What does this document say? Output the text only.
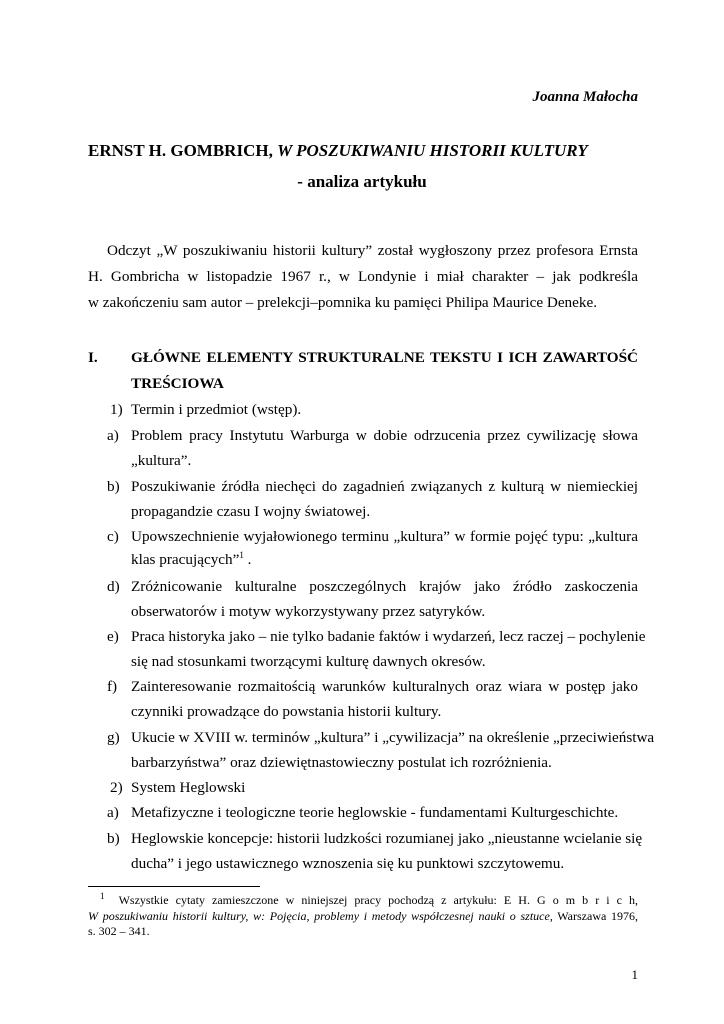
Joanna Małocha

ERNST H. GOMBRICH, W POSZUKIWANIU HISTORII KULTURY

- analiza artykułu

Odczyt „W poszukiwaniu historii kultury” został wygłoszony przez profesora Ernsta

H. Gombricha w listopadzie 1967 r., w Londynie i miał charakter – jak podkreśla

w zakończeniu sam autor – prelekcji–pomnika ku pamięci Philipa Maurice Deneke.

I. GŁÓWNE ELEMENTY STRUKTURALNE TEKSTU I ICH ZAWARTOŚĆ

TREŚCIOWA

1) Termin i przedmiot (wstęp).

a) Problem pracy Instytutu Warburga w dobie odrzucenia przez cywilizację słowa

„kultura”.

b) Poszukiwanie źródła niechęci do zagadnień związanych z kulturą w niemieckiej

propagandzie czasu I wojny światowej.

c) Upowszechnienie wyjałowionego terminu „kultura” w formie pojęć typu: „kultura

klas pracujących”$^1$ .

d) Zróżnicowanie kulturalne poszczególnych krajów jako źródło zaskoczenia

obserwatorów i motyw wykorzystywany przez satyryków.

e) Praca historyka jako – nie tylko badanie faktów i wydarzeń, lecz raczej – pochylenie

się nad stosunkami tworzącymi kulturę dawnych okresów.

f) Zainteresowanie rozmaitością warunków kulturalnych oraz wiara w postęp jako

czynniki prowadzące do powstania historii kultury.

g) Ukucie w XVIII w. terminów „kultura” i „cywilizacja” na określenie „przeciwieństwa

barbarzyństwa” oraz dziewiętnastowieczny postulat ich rozróżnienia.

2) System Heglowski

a) Metafizyczne i teologiczne teorie heglowskie - fundamentami Kulturgeschichte.

b) Heglowskie koncepcje: historii ludzkości rozumianej jako „nieustanne wcielanie się

ducha” i jego ustawicznego wznoszenia się ku punktowi szczytowemu.

$^1$ Wszystkie cytaty zamieszczone w niniejszej pracy pochodzą z artykułu: E H. G o m b r i c h,

W poszukiwaniu historii kultury, w: Pojęcia, problemy i metody współczesnej nauki o sztuce, Warszawa 1976,

s. 302 – 341.

1
